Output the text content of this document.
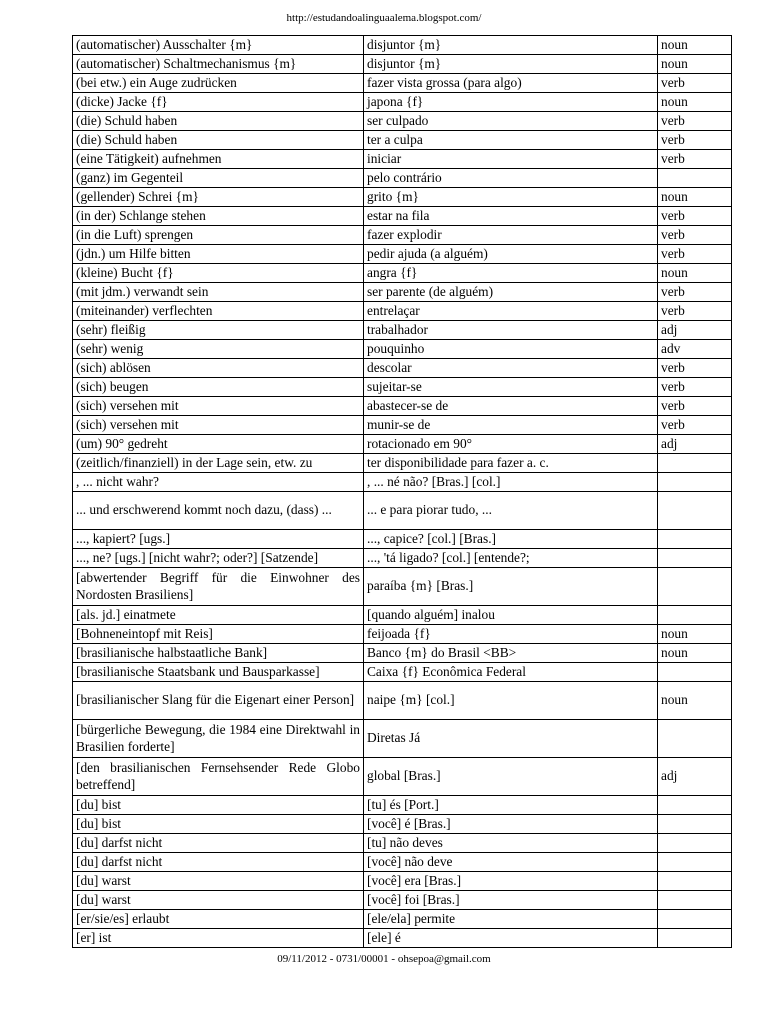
http://estudandoalinguaalema.blogspot.com/
(automatischer) Ausschalter {m}	disjuntor {m}	noun
(automatischer) Schaltmechanismus {m}	disjuntor {m}	noun
(bei etw.) ein Auge zudrücken	fazer vista grossa (para algo)	verb
(dicke) Jacke {f}	japona {f}	noun
(die) Schuld haben	ser culpado	verb
(die) Schuld haben	ter a culpa	verb
(eine Tätigkeit) aufnehmen	iniciar	verb
(ganz) im Gegenteil	pelo contrário	
(gellender) Schrei {m}	grito {m}	noun
(in der) Schlange stehen	estar na fila	verb
(in die Luft) sprengen	fazer explodir	verb
(jdn.) um Hilfe bitten	pedir ajuda (a alguém)	verb
(kleine) Bucht {f}	angra {f}	noun
(mit jdm.) verwandt sein	ser parente (de alguém)	verb
(miteinander) verflechten	entrelaçar	verb
(sehr) fleißig	trabalhador	adj
(sehr) wenig	pouquinho	adv
(sich) ablösen	descolar	verb
(sich) beugen	sujeitar-se	verb
(sich) versehen mit	abastecer-se de	verb
(sich) versehen mit	munir-se de	verb
(um) 90° gedreht	rotacionado em 90°	adj
(zeitlich/finanziell) in der Lage sein, etw. zu	ter disponibilidade para fazer a. c.	
, ... nicht wahr?	, ... né não? [Bras.] [col.]	
... und erschwerend kommt noch dazu, (dass) ...	... e para piorar tudo, ...	
..., kapiert? [ugs.]	..., capice? [col.] [Bras.]	
..., ne? [ugs.] [nicht wahr?; oder?] [Satzende]	..., 'tá ligado? [col.] [entende?;	
[abwertender Begriff für die Einwohner des Nordosten Brasiliens]	paraíba {m} [Bras.]	
[als. jd.] einatmete	[quando alguém] inalou	
[Bohneneintopf mit Reis]	feijoada {f}	noun
[brasilianische halbstaatliche Bank]	Banco {m} do Brasil <BB>	noun
[brasilianische Staatsbank und Bausparkasse]	Caixa {f} Econômica Federal	
[brasilianischer Slang für die Eigenart einer Person]	naipe {m} [col.]	noun
[bürgerliche Bewegung, die 1984 eine Direktwahl in Brasilien forderte]	Diretas Já	
[den brasilianischen Fernsehsender Rede Globo betreffend]	global [Bras.]	adj
[du] bist	[tu] és [Port.]	
[du] bist	[você] é [Bras.]	
[du] darfst nicht	[tu] não deves	
[du] darfst nicht	[você] não deve	
[du] warst	[você] era [Bras.]	
[du] warst	[você] foi [Bras.]	
[er/sie/es] erlaubt	[ele/ela] permite	
[er] ist	[ele] é	
09/11/2012 - 0731/00001 - ohsepoa@gmail.com
